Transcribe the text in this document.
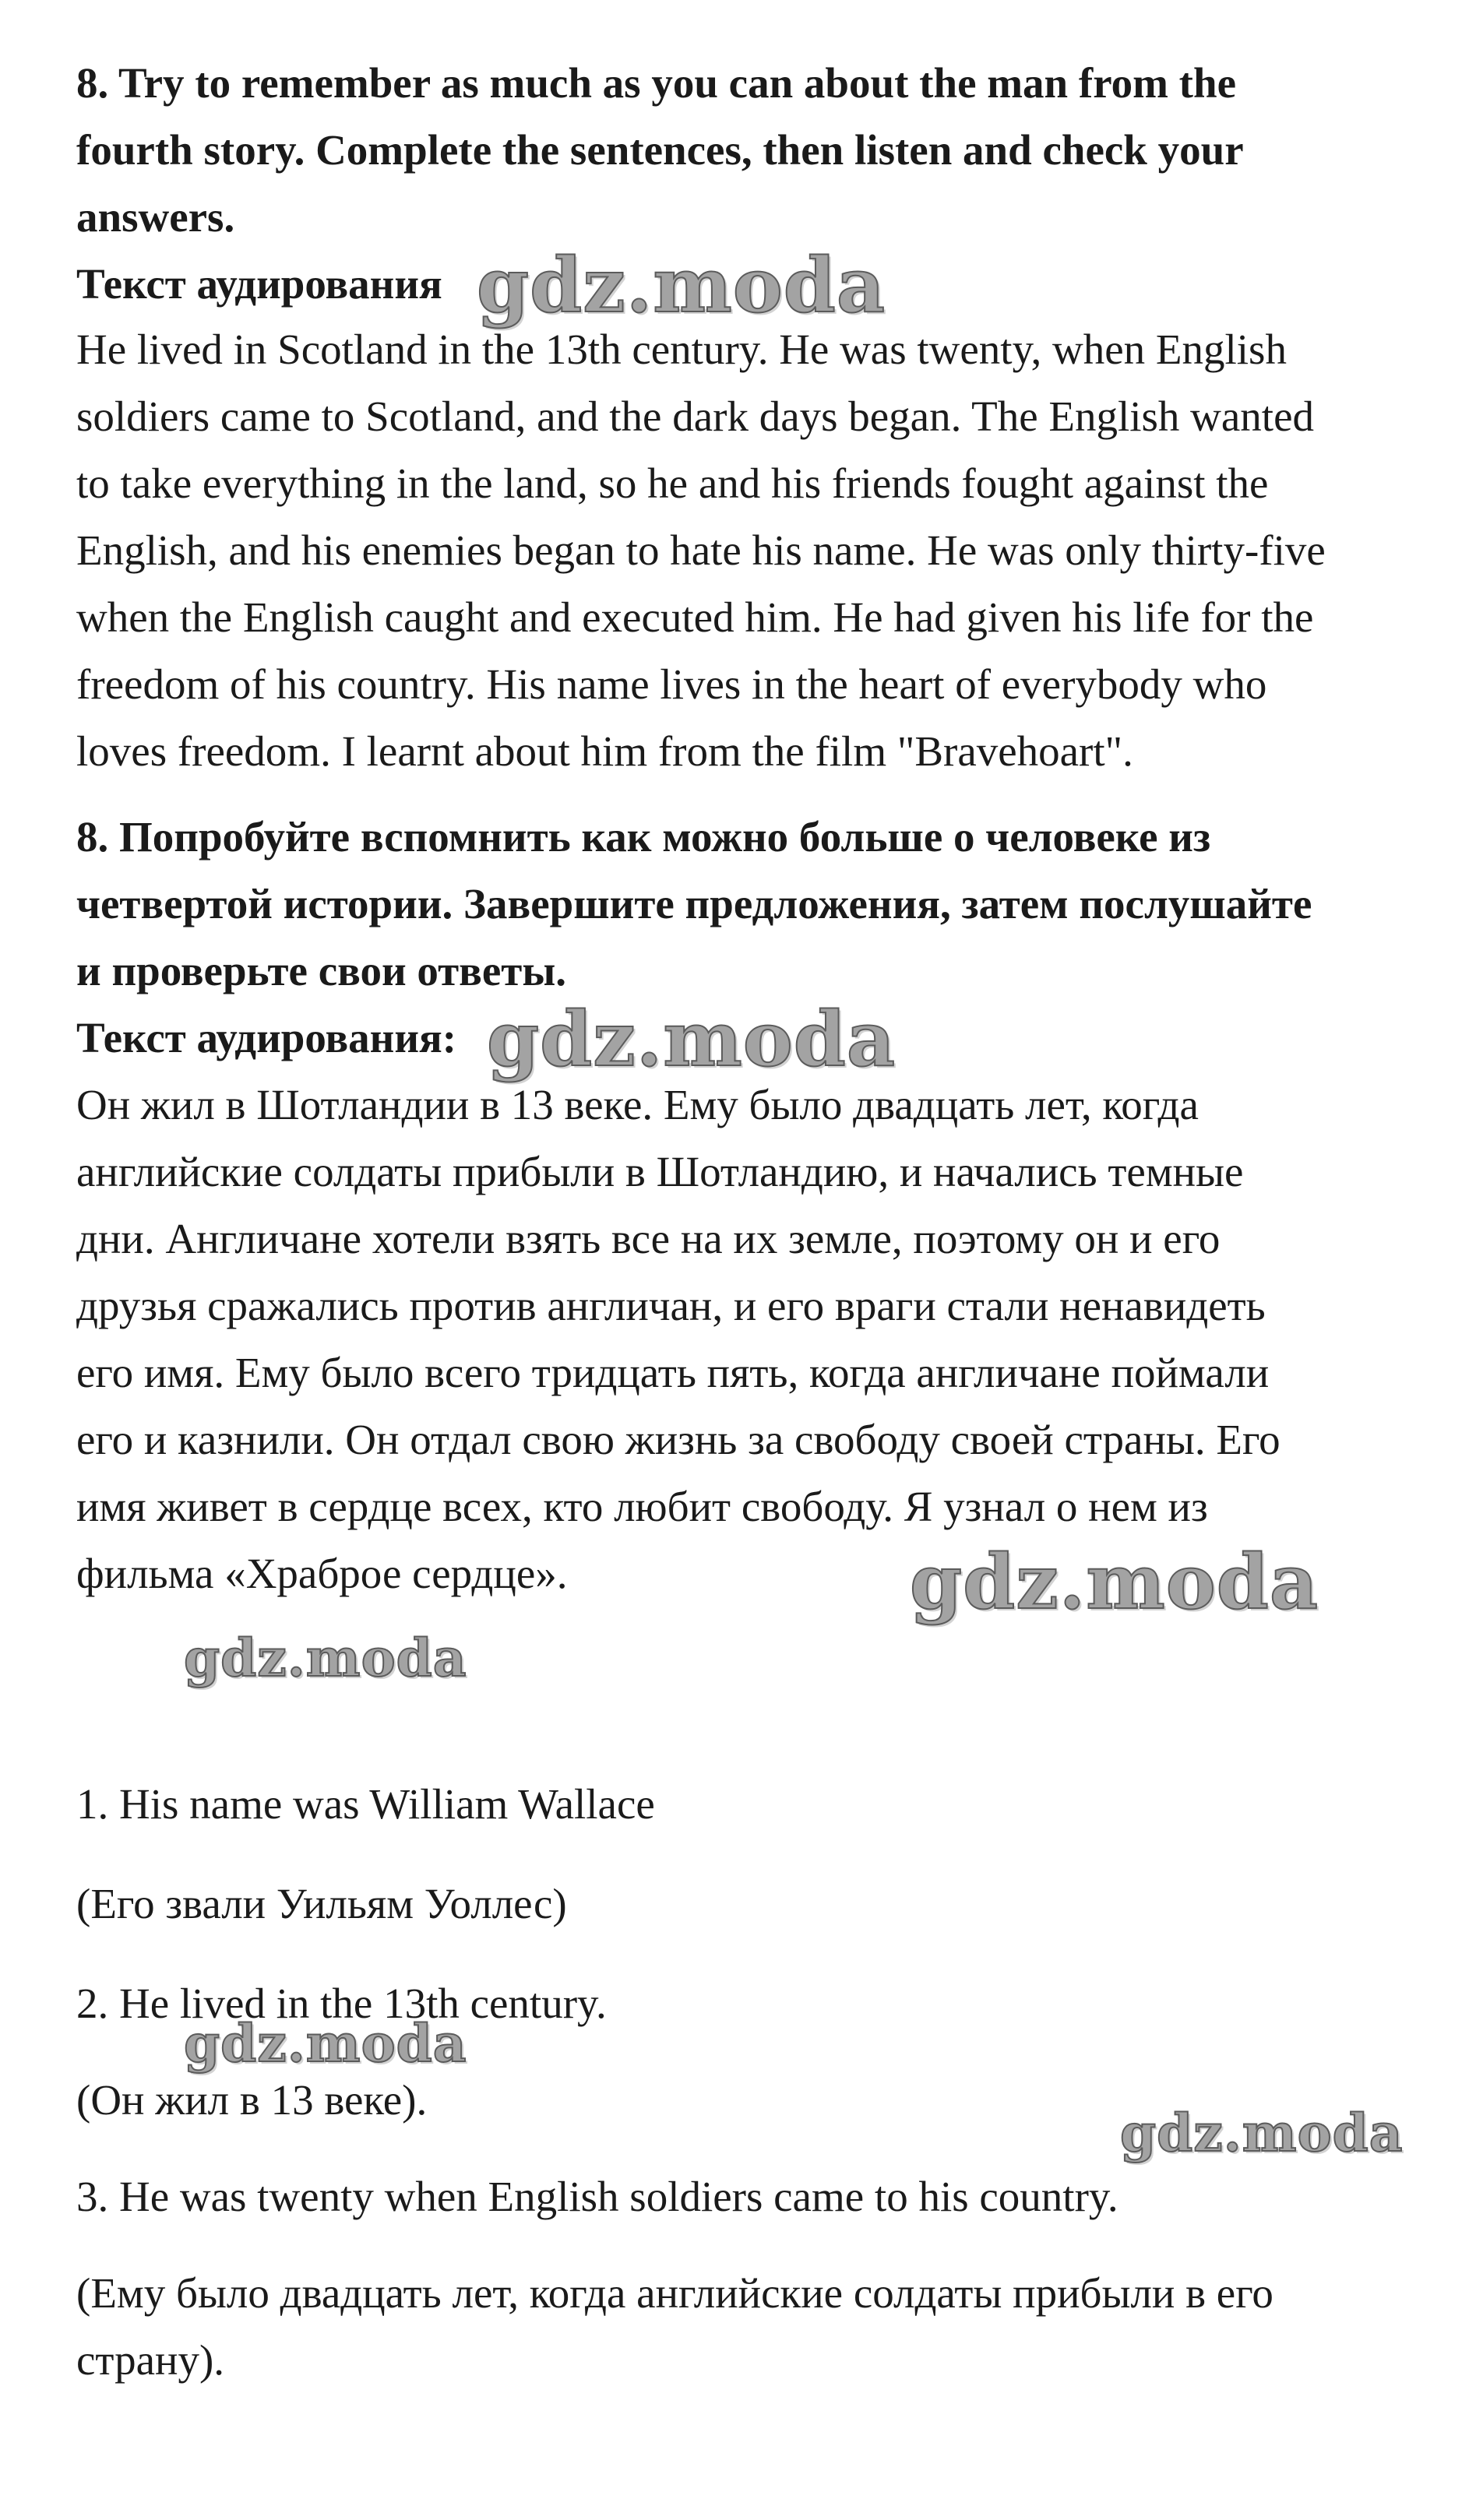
8. Try to remember as much as you can about the man from the

fourth story. Complete the sentences, then listen and check your

answers.

Текст аудирования

He lived in Scotland in the 13th century. He was twenty, when English

soldiers came to Scotland, and the dark days began. The English wanted

to take everything in the land, so he and his friends fought against the

English, and his enemies began to hate his name. He was only thirty-five

when the English caught and executed him. He had given his life for the

freedom of his country. His name lives in the heart of everybody who

loves freedom. I learnt about him from the film "Bravehoart".

8. Попробуйте вспомнить как можно больше о человеке из

четвертой истории. Завершите предложения, затем послушайте

и проверьте свои ответы.

Текст аудирования:

Он жил в Шотландии в 13 веке. Ему было двадцать лет, когда

английские солдаты прибыли в Шотландию, и начались темные

дни. Англичане хотели взять все на их земле, поэтому он и его

друзья сражались против англичан, и его враги стали ненавидеть

его имя. Ему было всего тридцать пять, когда англичане поймали

его и казнили. Он отдал свою жизнь за свободу своей страны. Его

имя живет в сердце всех, кто любит свободу. Я узнал о нем из

фильма «Храброе сердце».

1. His name was William Wallace

(Его звали Уильям Уоллес)

2. He lived in the 13th century.

(Он жил в 13 веке).

3. He was twenty when English soldiers came to his country.

(Ему было двадцать лет, когда английские солдаты прибыли в его

страну).

gdz.moda
gdz.moda
gdz.moda
gdz.moda
gdz.moda
gdz.moda
